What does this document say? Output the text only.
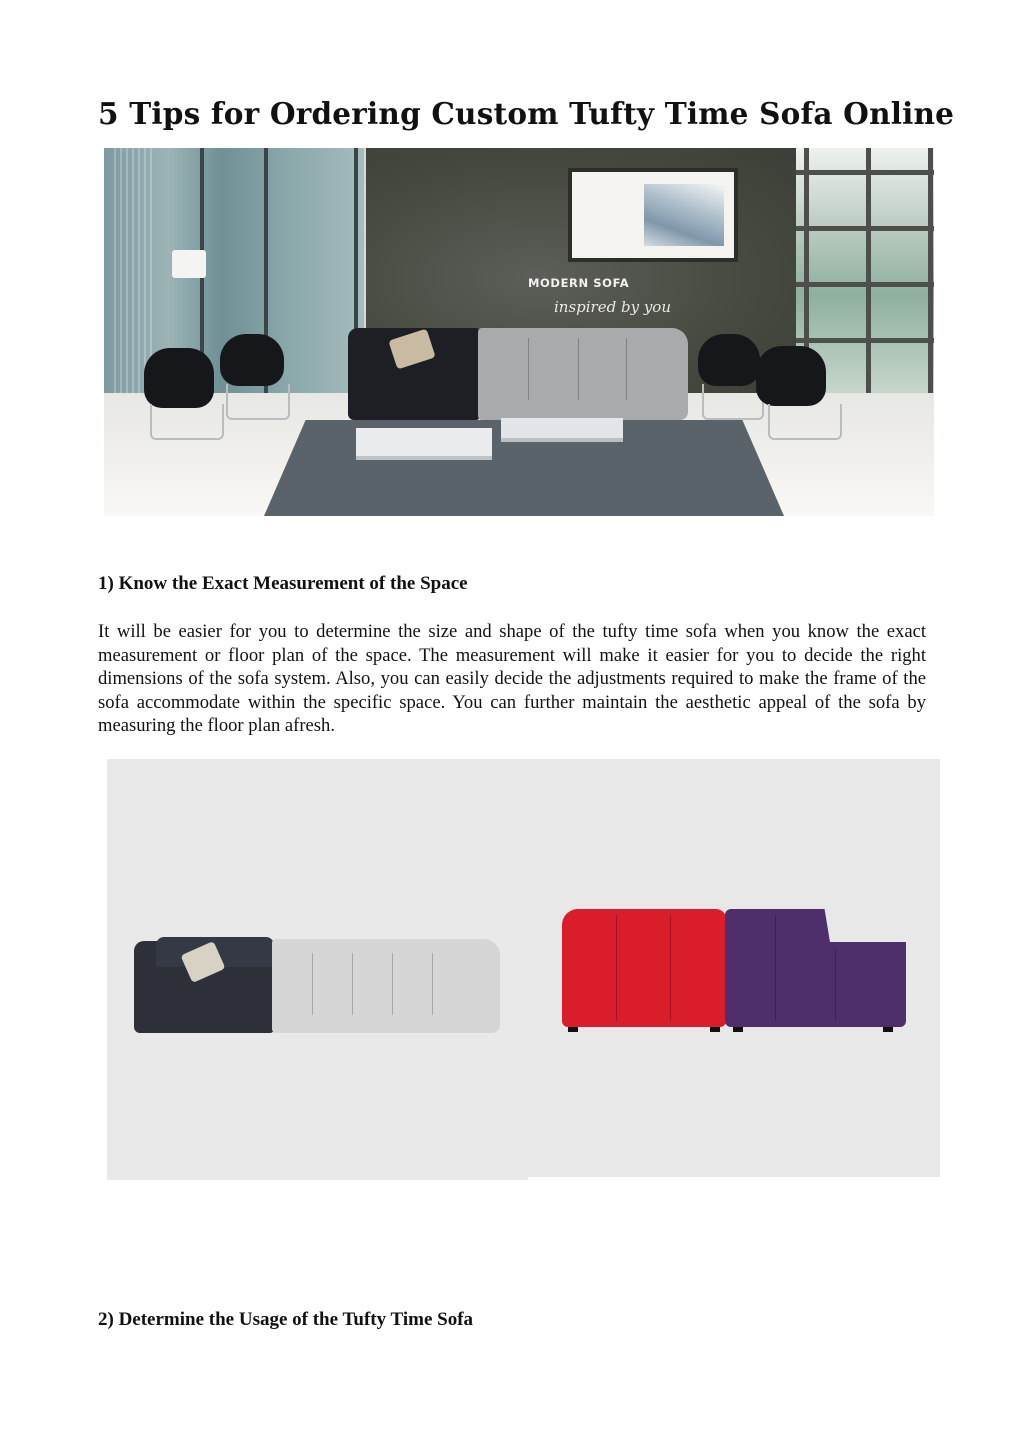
5 Tips for Ordering Custom Tufty Time Sofa Online
MODERN SOFA
inspired by you
1) Know the Exact Measurement of the Space

It will be easier for you to determine the size and shape of the tufty time sofa when you know the exact measurement or floor plan of the space. The measurement will make it easier for you to decide the right dimensions of the sofa system. Also, you can easily decide the adjustments required to make the frame of the sofa accommodate within the specific space. You can further maintain the aesthetic appeal of the sofa by measuring the floor plan afresh.

2) Determine the Usage of the Tufty Time Sofa
